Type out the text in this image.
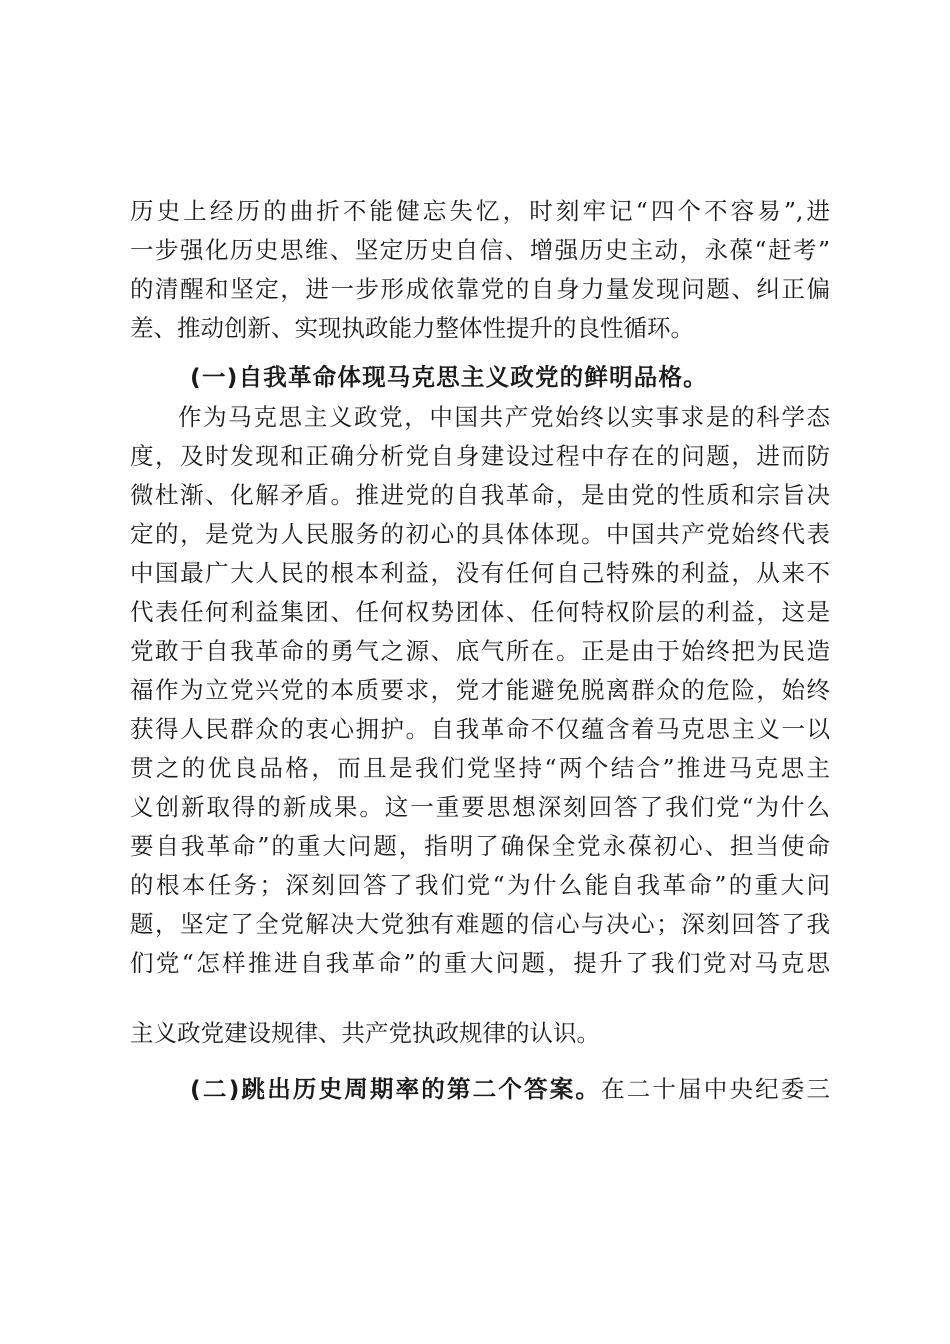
历史上经历的曲折不能健忘失忆，时刻牢记“四个不容易”,进
一步强化历史思维、坚定历史自信、增强历史主动，永葆“赶考”
的清醒和坚定，进一步形成依靠党的自身力量发现问题、纠正偏
差、推动创新、实现执政能力整体性提升的良性循环。
(一)自我革命体现马克思主义政党的鲜明品格。
作为马克思主义政党，中国共产党始终以实事求是的科学态
度，及时发现和正确分析党自身建设过程中存在的问题，进而防
微杜渐、化解矛盾。推进党的自我革命，是由党的性质和宗旨决
定的，是党为人民服务的初心的具体体现。中国共产党始终代表
中国最广大人民的根本利益，没有任何自己特殊的利益，从来不
代表任何利益集团、任何权势团体、任何特权阶层的利益，这是
党敢于自我革命的勇气之源、底气所在。正是由于始终把为民造
福作为立党兴党的本质要求，党才能避免脱离群众的危险，始终
获得人民群众的衷心拥护。自我革命不仅蕴含着马克思主义一以
贯之的优良品格，而且是我们党坚持“两个结合”推进马克思主
义创新取得的新成果。这一重要思想深刻回答了我们党“为什么
要自我革命”的重大问题，指明了确保全党永葆初心、担当使命
的根本任务；深刻回答了我们党“为什么能自我革命”的重大问
题，坚定了全党解决大党独有难题的信心与决心；深刻回答了我
们党“怎样推进自我革命”的重大问题，提升了我们党对马克思
主义政党建设规律、共产党执政规律的认识。
(二)跳出历史周期率的第二个答案。在二十届中央纪委三
